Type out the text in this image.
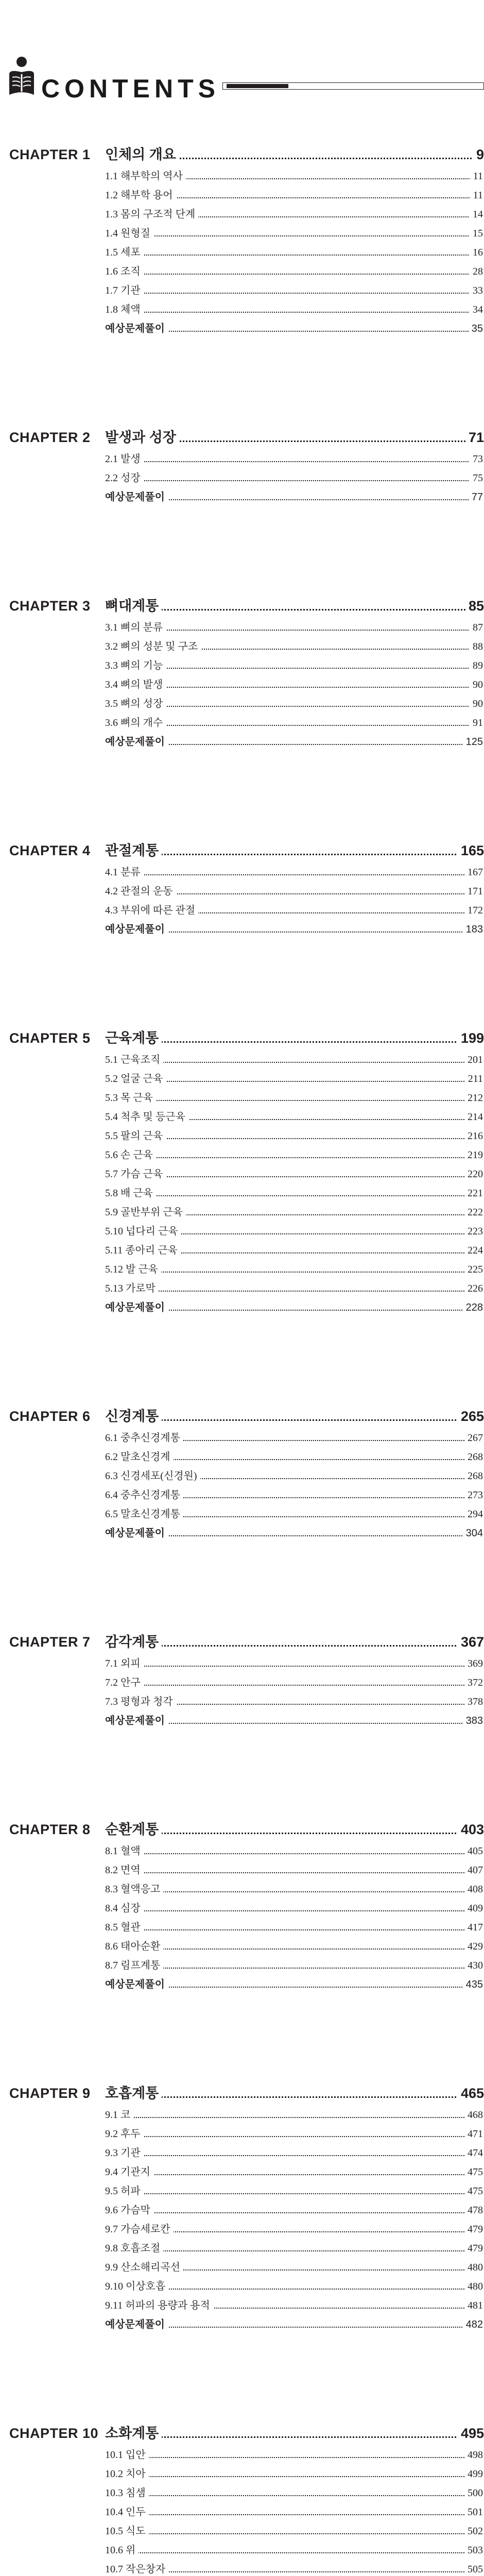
CONTENTS
CHAPTER 1 인체의 개요	9
1.1 해부학의 역사	11
1.2 해부학 용어	11
1.3 몸의 구조적 단계	14
1.4 원형질	15
1.5 세포	16
1.6 조직	28
1.7 기관	33
1.8 체액	34
예상문제풀이	35
CHAPTER 2 발생과 성장	71
2.1 발생	73
2.2 성장	75
예상문제풀이	77
CHAPTER 3 뼈대계통	85
3.1 뼈의 분류	87
3.2 뼈의 성분 및 구조	88
3.3 뼈의 기능	89
3.4 뼈의 발생	90
3.5 뼈의 성장	90
3.6 뼈의 개수	91
예상문제풀이	125
CHAPTER 4 관절계통	165
4.1 분류	167
4.2 관절의 운동	171
4.3 부위에 따른 관절	172
예상문제풀이	183
CHAPTER 5 근육계통	199
5.1 근육조직	201
5.2 얼굴 근육	211
5.3 목 근육	212
5.4 척추 및 등근육	214
5.5 팔의 근육	216
5.6 손 근육	219
5.7 가슴 근육	220
5.8 배 근육	221
5.9 골반부위 근육	222
5.10 넙다리 근육	223
5.11 종아리 근육	224
5.12 발 근육	225
5.13 가로막	226
예상문제풀이	228
CHAPTER 6 신경계통	265
6.1 중추신경계통	267
6.2 말초신경계	268
6.3 신경세포(신경원)	268
6.4 중추신경계통	273
6.5 말초신경계통	294
예상문제풀이	304
CHAPTER 7 감각계통	367
7.1 외피	369
7.2 안구	372
7.3 평형과 청각	378
예상문제풀이	383
CHAPTER 8 순환계통	403
8.1 혈액	405
8.2 면역	407
8.3 혈액응고	408
8.4 심장	409
8.5 혈관	417
8.6 태아순환	429
8.7 림프계통	430
예상문제풀이	435
CHAPTER 9 호흡계통	465
9.1 코	468
9.2 후두	471
9.3 기관	474
9.4 기관지	475
9.5 허파	475
9.6 가슴막	478
9.7 가슴세로칸	479
9.8 호흡조절	479
9.9 산소해리곡선	480
9.10 이상호흡	480
9.11 허파의 용량과 용적	481
예상문제풀이	482
CHAPTER 10 소화계통	495
10.1 입안	498
10.2 치아	499
10.3 침샘	500
10.4 인두	501
10.5 식도	502
10.6 위	503
10.7 작은창자	505
